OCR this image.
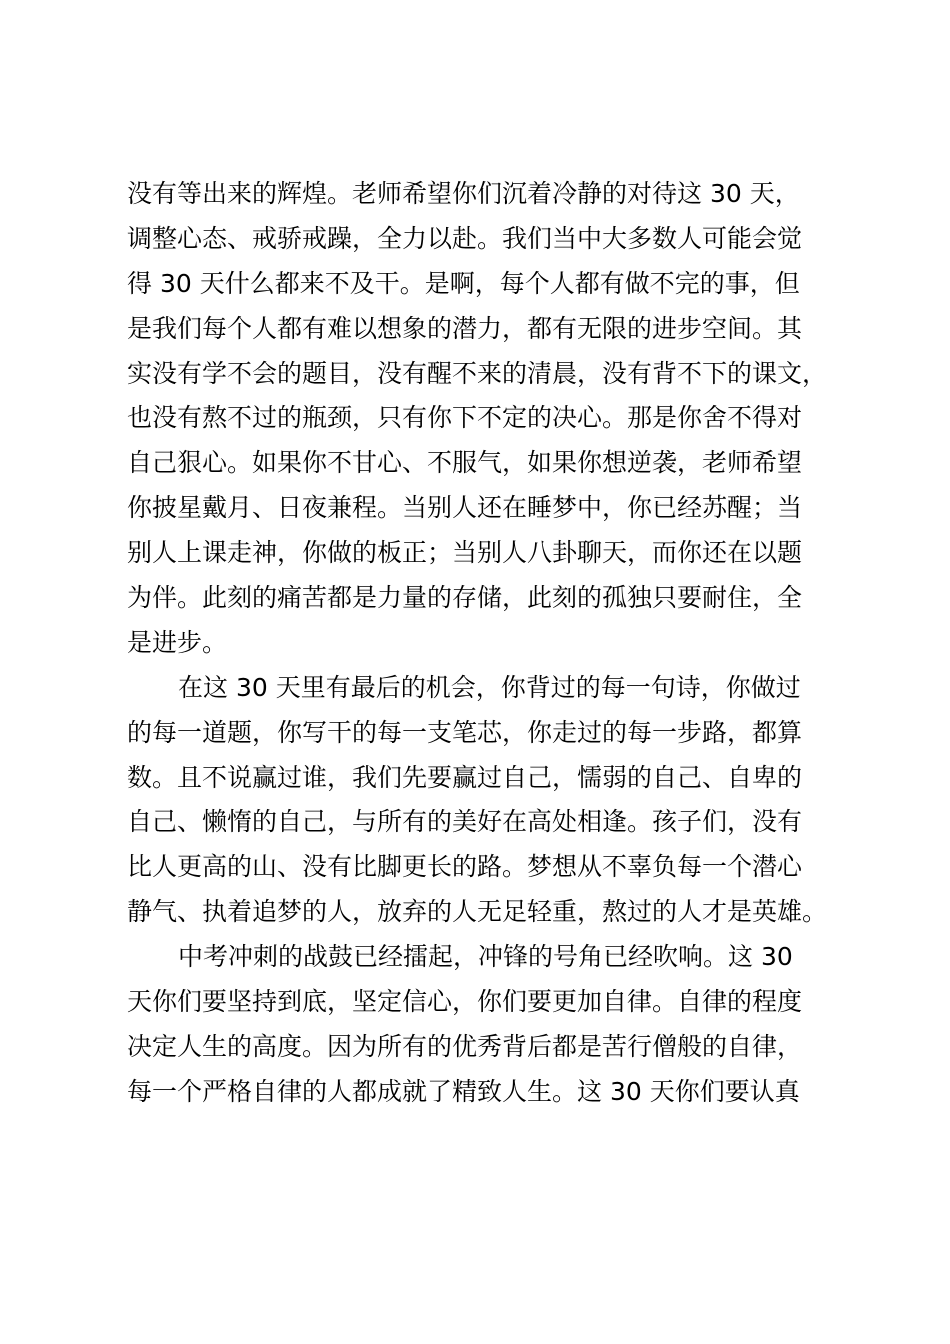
没有等出来的辉煌。老师希望你们沉着冷静的对待这 30 天，

调整心态、戒骄戒躁，全力以赴。我们当中大多数人可能会觉

得 30 天什么都来不及干。是啊，每个人都有做不完的事，但

是我们每个人都有难以想象的潜力，都有无限的进步空间。其

实没有学不会的题目，没有醒不来的清晨，没有背不下的课文，

也没有熬不过的瓶颈，只有你下不定的决心。那是你舍不得对

自己狠心。如果你不甘心、不服气，如果你想逆袭，老师希望

你披星戴月、日夜兼程。当别人还在睡梦中，你已经苏醒；当

别人上课走神，你做的板正；当别人八卦聊天，而你还在以题

为伴。此刻的痛苦都是力量的存储，此刻的孤独只要耐住，全

是进步。

在这 30 天里有最后的机会，你背过的每一句诗，你做过

的每一道题，你写干的每一支笔芯，你走过的每一步路，都算

数。且不说赢过谁，我们先要赢过自己，懦弱的自己、自卑的

自己、懒惰的自己，与所有的美好在高处相逢。孩子们，没有

比人更高的山、没有比脚更长的路。梦想从不辜负每一个潜心

静气、执着追梦的人，放弃的人无足轻重，熬过的人才是英雄。

中考冲刺的战鼓已经擂起，冲锋的号角已经吹响。这 30

天你们要坚持到底，坚定信心，你们要更加自律。自律的程度

决定人生的高度。因为所有的优秀背后都是苦行僧般的自律，

每一个严格自律的人都成就了精致人生。这 30 天你们要认真
